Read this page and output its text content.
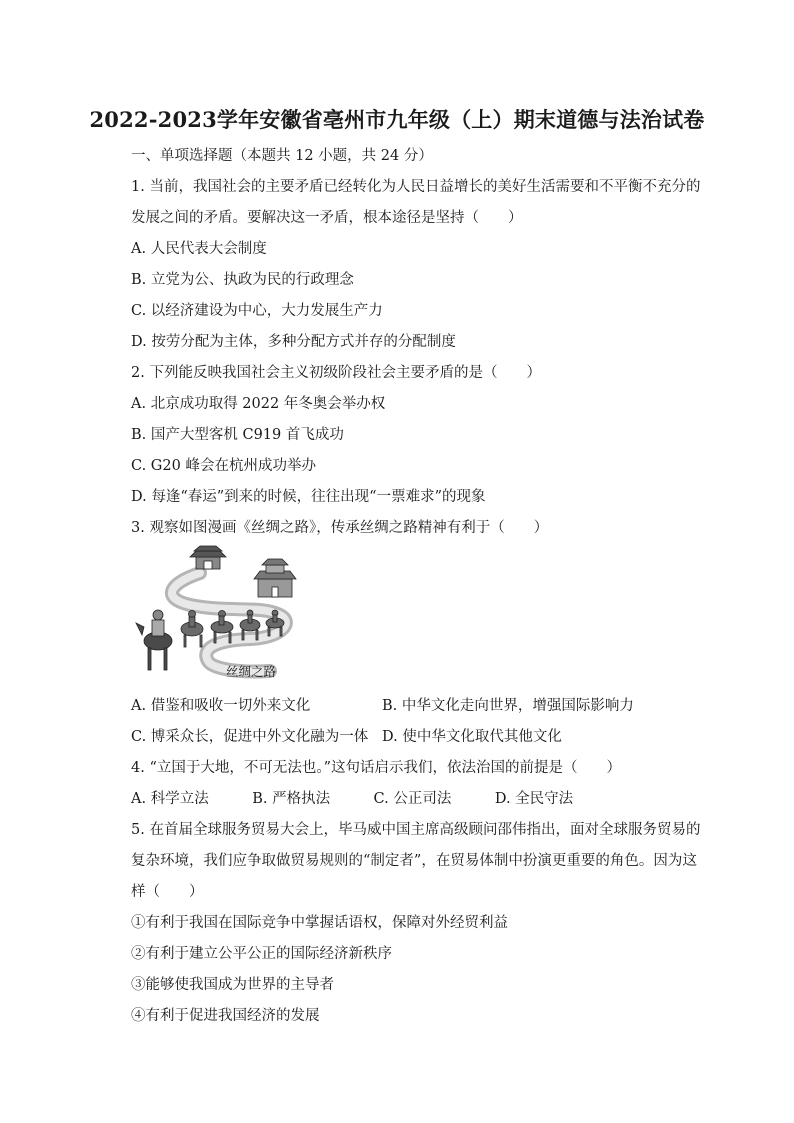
2022-2023学年安徽省亳州市九年级（上）期末道德与法治试卷
一、单项选择题（本题共 12 小题，共 24 分）
1. 当前，我国社会的主要矛盾已经转化为人民日益增长的美好生活需要和不平衡不充分的
发展之间的矛盾。要解决这一矛盾，根本途径是坚持（　　）
A. 人民代表大会制度
B. 立党为公、执政为民的行政理念
C. 以经济建设为中心，大力发展生产力
D. 按劳分配为主体，多种分配方式并存的分配制度
2. 下列能反映我国社会主义初级阶段社会主要矛盾的是（　　）
A. 北京成功取得 2022 年冬奥会举办权
B. 国产大型客机 C919 首飞成功
C. G20 峰会在杭州成功举办
D. 每逢“春运”到来的时候，往往出现“一票难求”的现象
3. 观察如图漫画《丝绸之路》，传承丝绸之路精神有利于（　　）
丝绸之路
A. 借鉴和吸收一切外来文化	B. 中华文化走向世界，增强国际影响力
C. 博采众长，促进中外文化融为一体 D. 使中华文化取代其他文化
4. “立国于大地，不可无法也。”这句话启示我们，依法治国的前提是（　　）
A. 科学立法　　　B. 严格执法　　　C. 公正司法　　　D. 全民守法
5. 在首届全球服务贸易大会上，毕马威中国主席高级顾问邵伟指出，面对全球服务贸易的
复杂环境，我们应争取做贸易规则的“制定者”，在贸易体制中扮演更重要的角色。因为这
样（　　）
①有利于我国在国际竞争中掌握话语权，保障对外经贸利益
②有利于建立公平公正的国际经济新秩序
③能够使我国成为世界的主导者
④有利于促进我国经济的发展
